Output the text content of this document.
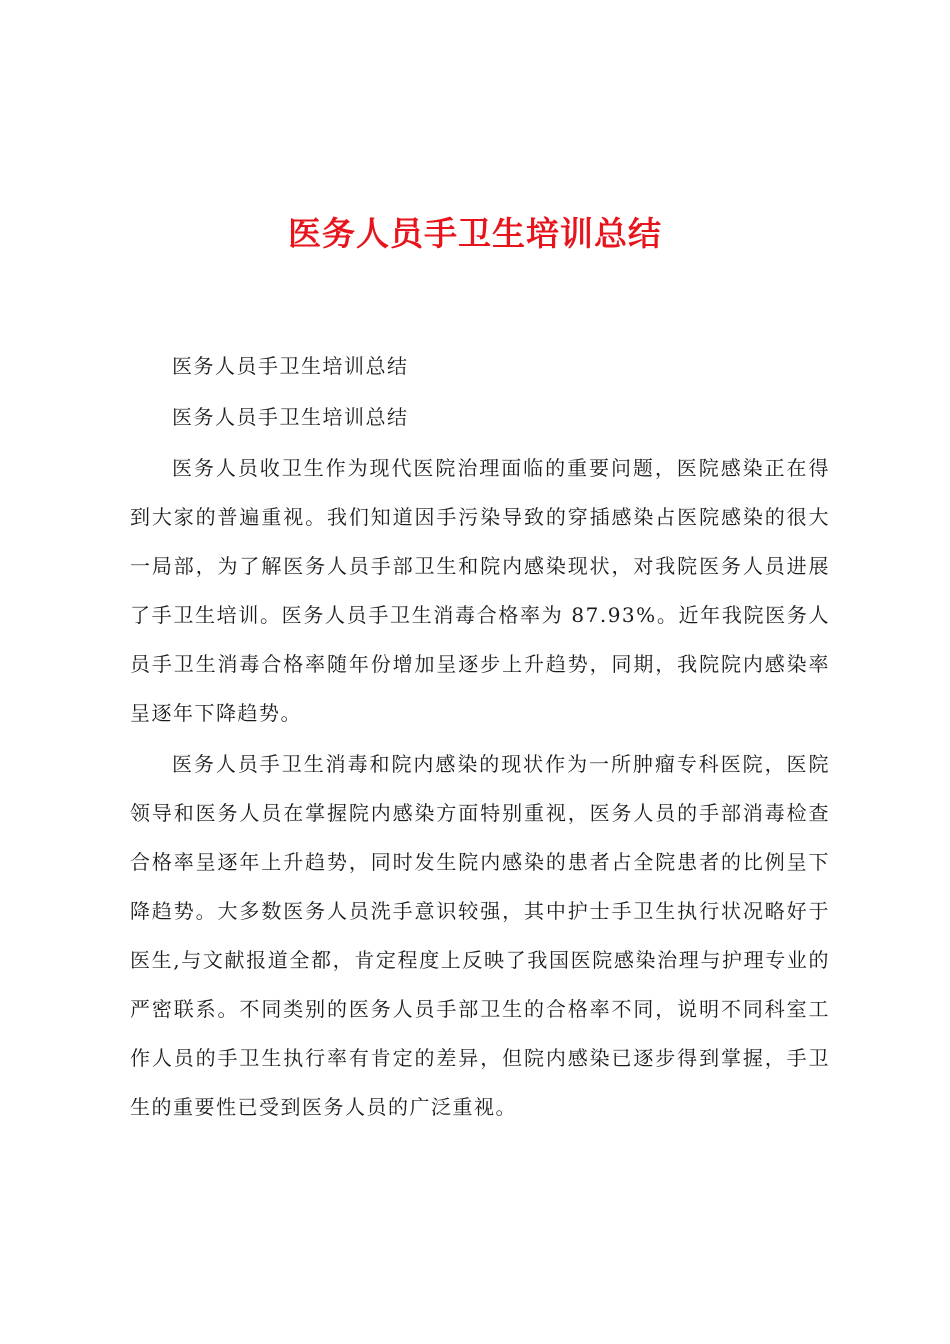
医务人员手卫生培训总结

医务人员手卫生培训总结

医务人员手卫生培训总结

医务人员收卫生作为现代医院治理面临的重要问题，医院感染正在得到大家的普遍重视。我们知道因手污染导致的穿插感染占医院感染的很大一局部，为了解医务人员手部卫生和院内感染现状，对我院医务人员进展了手卫生培训。医务人员手卫生消毒合格率为 87.93%。近年我院医务人员手卫生消毒合格率随年份增加呈逐步上升趋势，同期，我院院内感染率呈逐年下降趋势。

医务人员手卫生消毒和院内感染的现状作为一所肿瘤专科医院，医院领导和医务人员在掌握院内感染方面特别重视，医务人员的手部消毒检查合格率呈逐年上升趋势，同时发生院内感染的患者占全院患者的比例呈下降趋势。大多数医务人员洗手意识较强，其中护士手卫生执行状况略好于医生,与文献报道全都，肯定程度上反映了我国医院感染治理与护理专业的严密联系。不同类别的医务人员手部卫生的合格率不同，说明不同科室工作人员的手卫生执行率有肯定的差异，但院内感染已逐步得到掌握，手卫生的重要性已受到医务人员的广泛重视。
